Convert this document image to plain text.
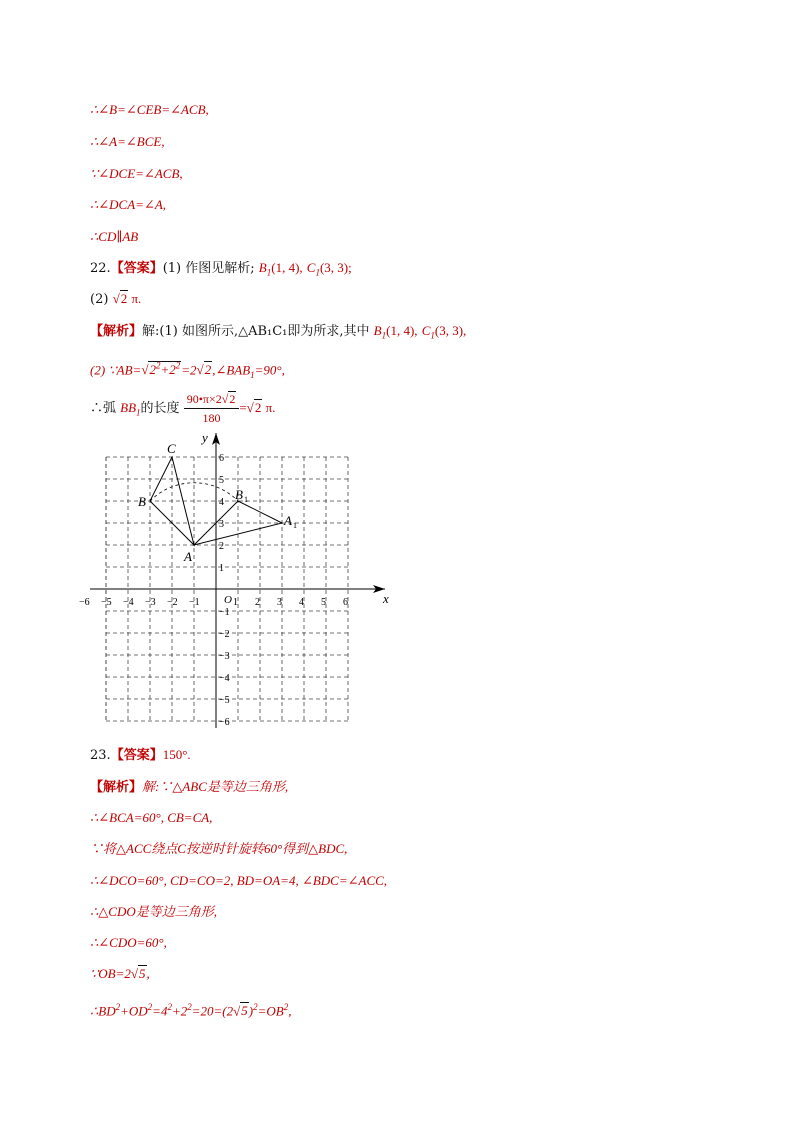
∴∠B=∠CEB=∠ACB,
∴∠A=∠BCE,
∵∠DCE=∠ACB,
∴∠DCA=∠A,
∴CD∥AB
22.【答案】(1) 作图见解析; $B_1(1$, 4), $C_1(3$, 3);
(2) √2 π.
【解析】解:(1) 如图所示,△AB₁C₁即为所求,其中 $B_1(1$, 4), $C_1(3$, 3),
(2) $\because AB=√2^2+2^2=2√2,\angle BAB_1=90^\circ$,
∴弧 $BB_1$的长度 $\frac{90•\pi\times 2√2}{180} =√2$ π.
x
y
O
−6 −5 −4 −3 −2 −1	1 2 3 4 5 6
6
5
4
3
2
1
−1
−2
−3
−4
−5
−6
C
B
A
B 1
A 1
23.【答案】150°.
【解析】解:∵△ABC是等边三角形,
∴∠BCA=60°, CB=CA,
∵将△ACC绕点C按逆时针旋转60°得到△BDC,
∴∠DCO=60°, CD=CO=2, BD=OA=4, ∠BDC=∠ACC,
∴△CDO是等边三角形,
∴∠CDO=60°,
∵OB=2√5,
$\therefore BD^2+OD^2=4^2+2^2=20=(2√5)^2=OB^2$,
